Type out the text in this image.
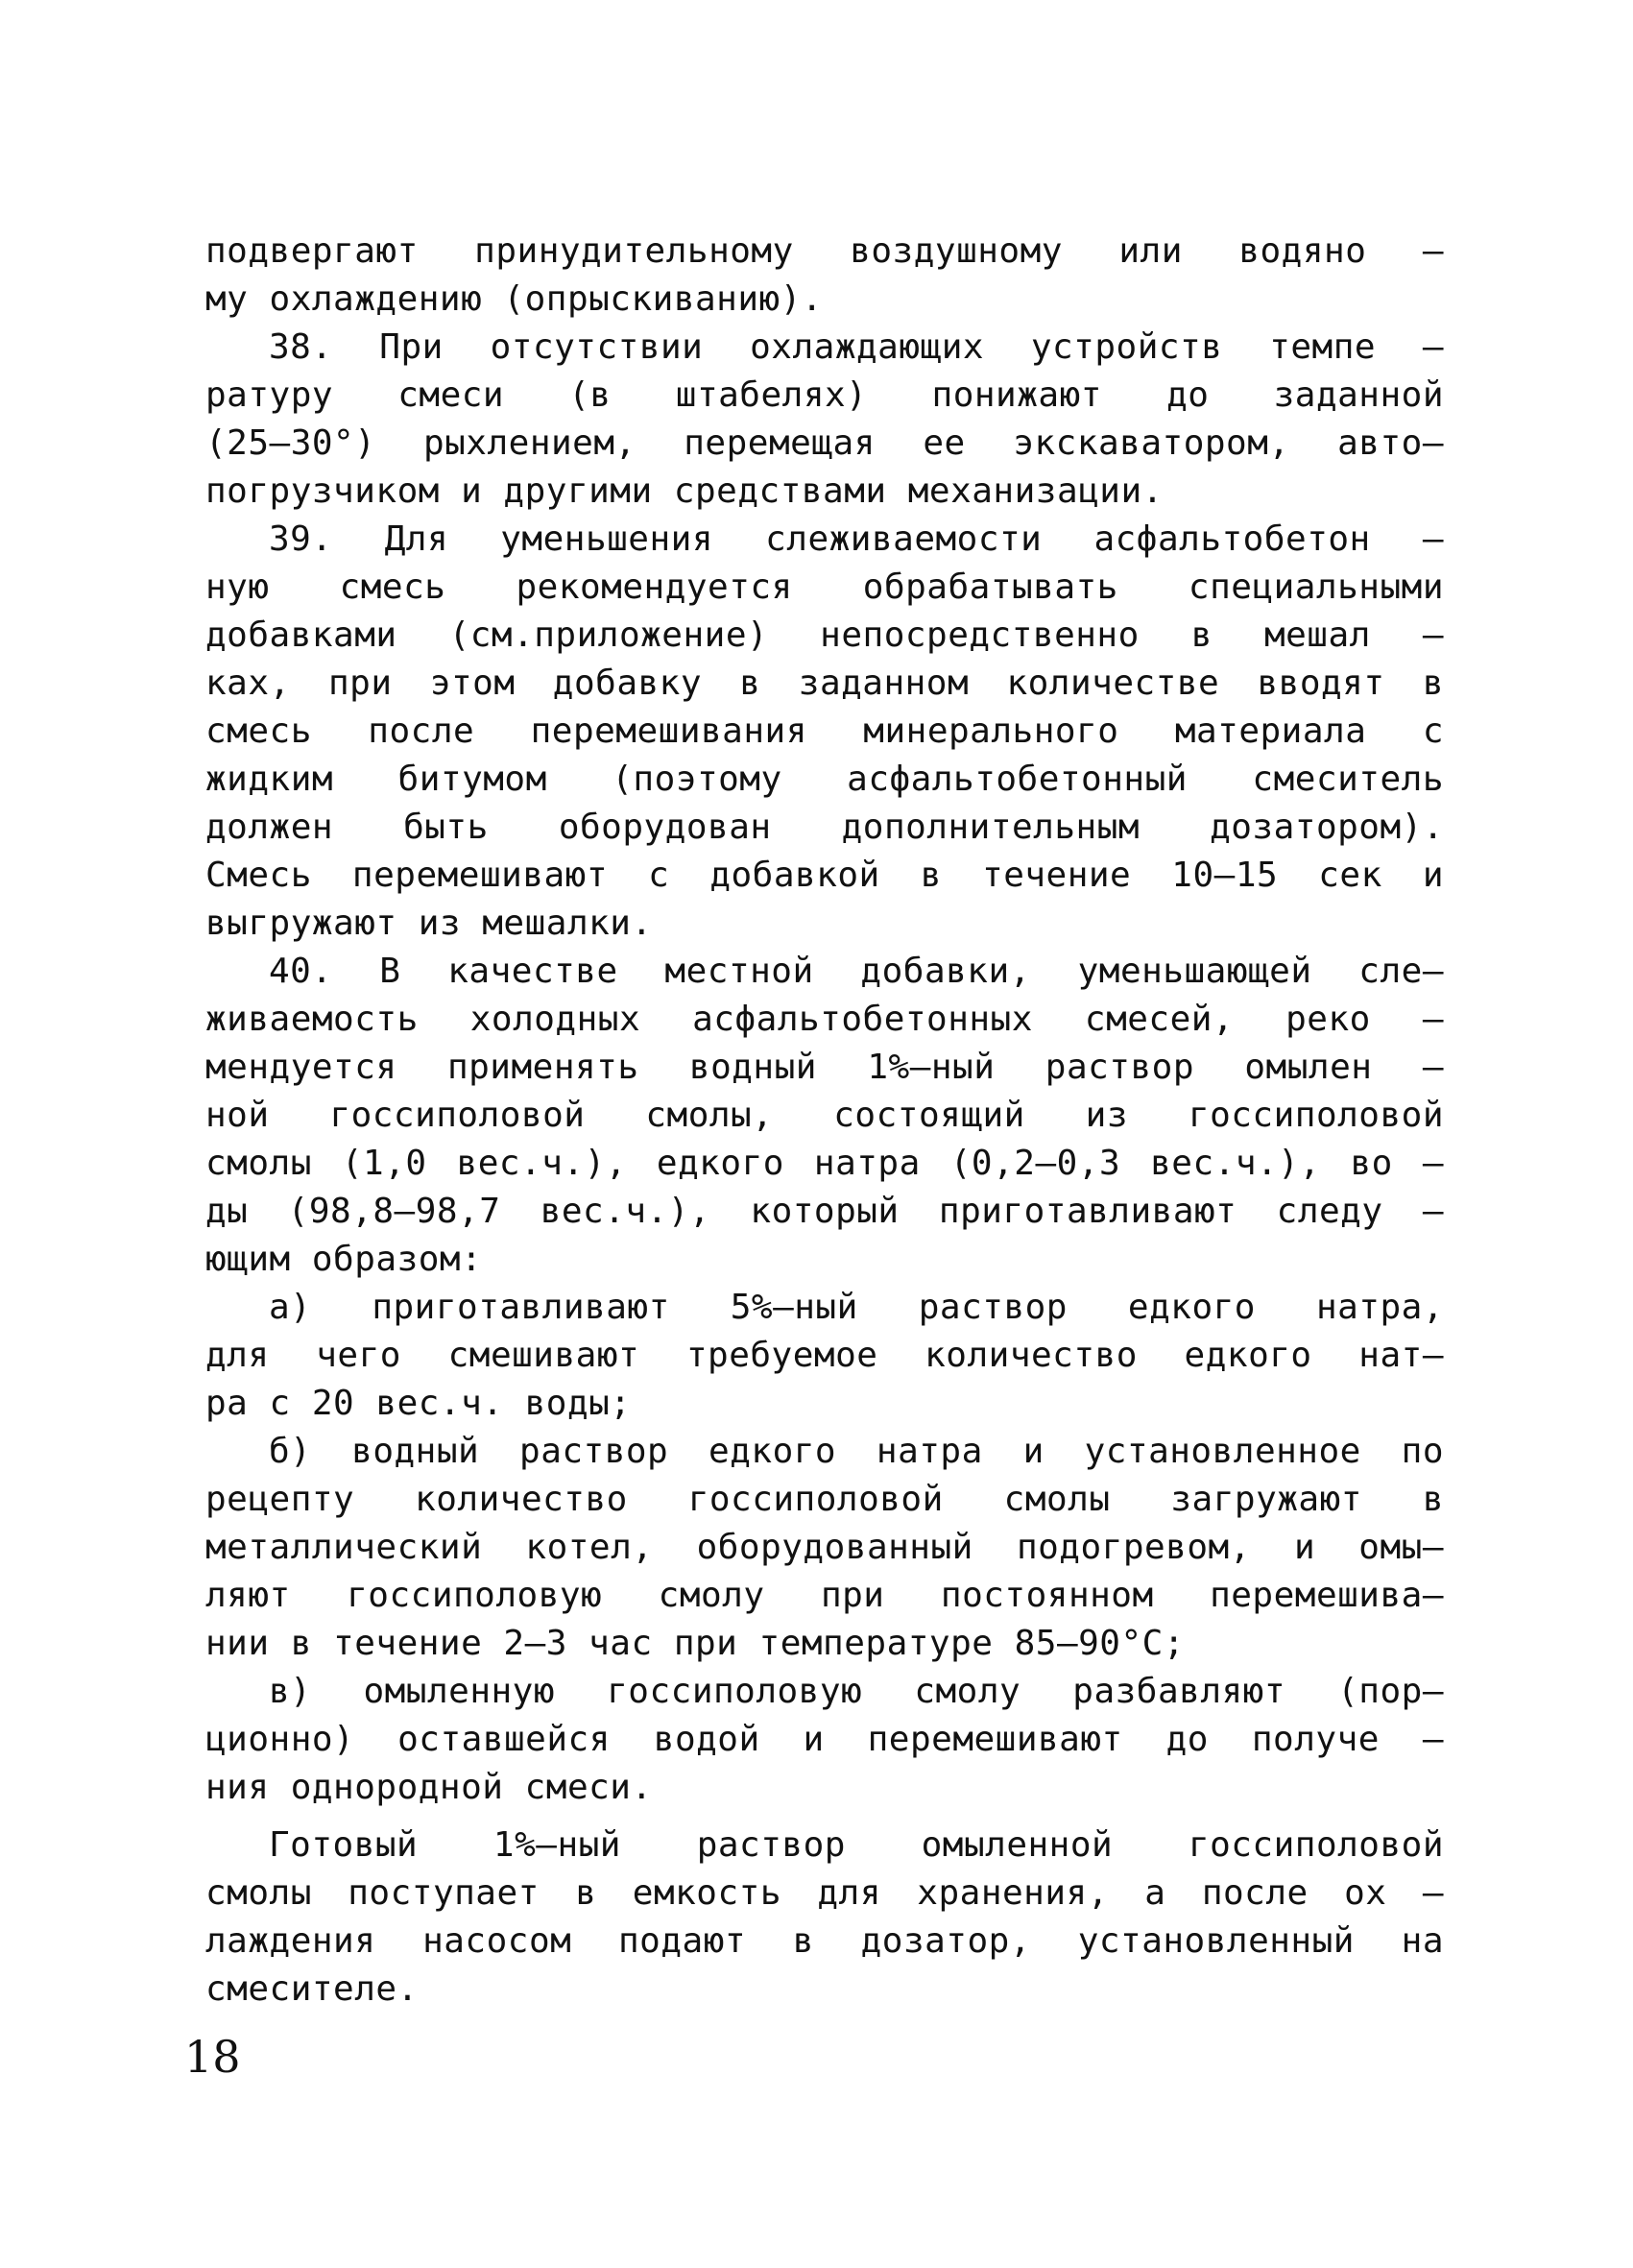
подвергают принудительному воздушному или водяно –
му охлаждению (опрыскиванию).
38. При отсутствии охлаждающих устройств темпе –
ратуру смеси (в штабелях) понижают до заданной
(25–30°) рыхлением, перемещая ее экскаватором, авто–
погрузчиком и другими средствами механизации.
39. Для уменьшения слеживаемости асфальтобетон –
ную смесь рекомендуется обрабатывать специальными
добавками (см.приложение) непосредственно в мешал –
ках, при этом добавку в заданном количестве вводят в
смесь после перемешивания минерального материала с
жидким битумом (поэтому асфальтобетонный смеситель
должен быть оборудован дополнительным дозатором).
Смесь перемешивают с добавкой в течение 10–15 сек и
выгружают из мешалки.
40. В качестве местной добавки, уменьшающей сле–
живаемость холодных асфальтобетонных смесей, реко –
мендуется применять водный 1%–ный раствор омылен –
ной госсиполовой смолы, состоящий из госсиполовой
смолы (1,0 вес.ч.), едкого натра (0,2–0,3 вес.ч.), во –
ды (98,8–98,7 вес.ч.), который приготавливают следу –
ющим образом:
а) приготавливают 5%–ный раствор едкого натра,
для чего смешивают требуемое количество едкого нат–
ра с 20 вес.ч. воды;
б) водный раствор едкого натра и установленное по
рецепту количество госсиполовой смолы загружают в
металлический котел, оборудованный подогревом, и омы–
ляют госсиполовую смолу при постоянном перемешива–
нии в течение 2–3 час при температуре 85–90°С;
в) омыленную госсиполовую смолу разбавляют (пор–
ционно) оставшейся водой и перемешивают до получе –
ния однородной смеси.
Готовый 1%–ный раствор омыленной госсиполовой
смолы поступает в емкость для хранения, а после ох –
лаждения насосом подают в дозатор, установленный на
смесителе.
18
